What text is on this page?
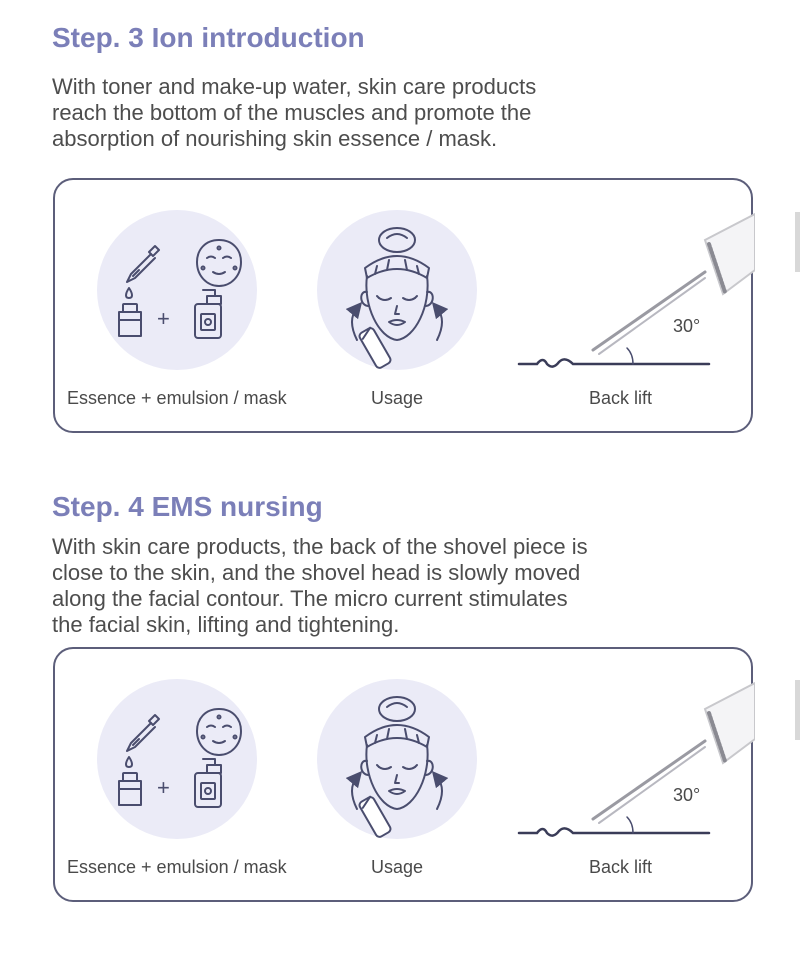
Step. 3 Ion introduction

With toner and make-up water, skin care products
reach the bottom of the muscles and promote the
absorption of nourishing skin essence / mask.

+	30°
Essence + emulsion / mask	Usage	Back lift
Step. 4 EMS nursing

With skin care products, the back of the shovel piece is
close to the skin, and the shovel head is slowly moved
along the facial contour. The micro current stimulates
the facial skin, lifting and tightening.

+	30°
Essence + emulsion / mask	Usage	Back lift
